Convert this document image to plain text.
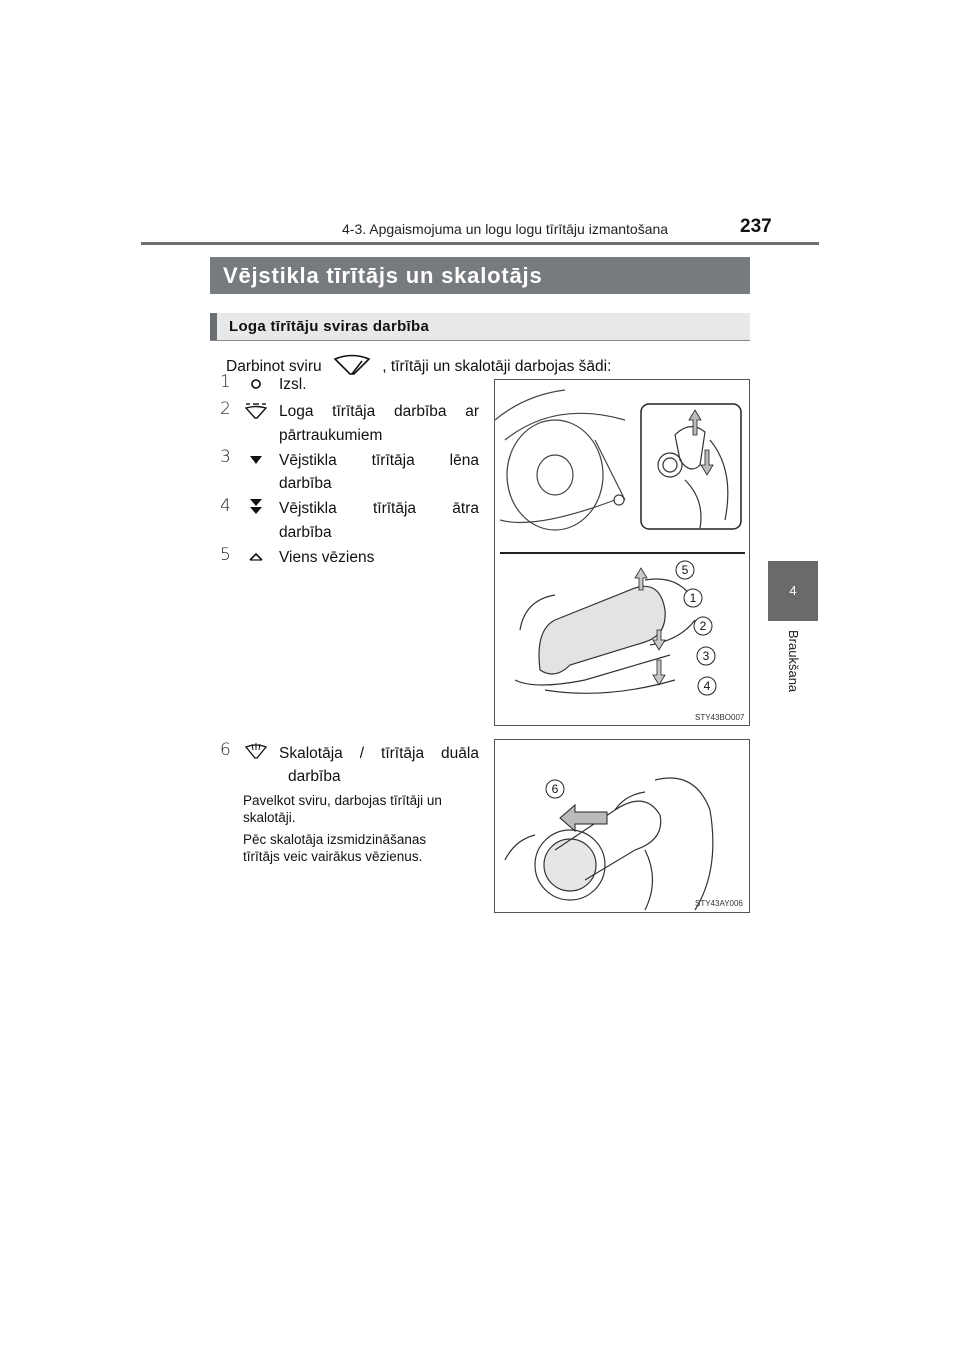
4-3. Apgaismojuma un logu logu tīrītāju izmantošana	237
4
Braukšana
Vējstikla tīrītājs un skalotājs
Loga tīrītāju sviras darbība
Darbinot sviru	, tīrītāji un skalotāji darbojas šādi:
1	Izsl.
2	Loga tīrītāja darbība ar
pārtraukumiem
3	Vējstikla tīrītāja lēna
darbība
4	Vējstikla tīrītāja ātra
darbība
5	Viens vēziens
5
1
2
3
4
STY43BO007
6	Skalotāja / tīrītāja duāla
darbība
Pavelkot sviru, darbojas tīrītāji un
skalotāji.
Pēc skalotāja izsmidzināšanas
tīrītājs veic vairākus vēzienus.
6
STY43AY006
